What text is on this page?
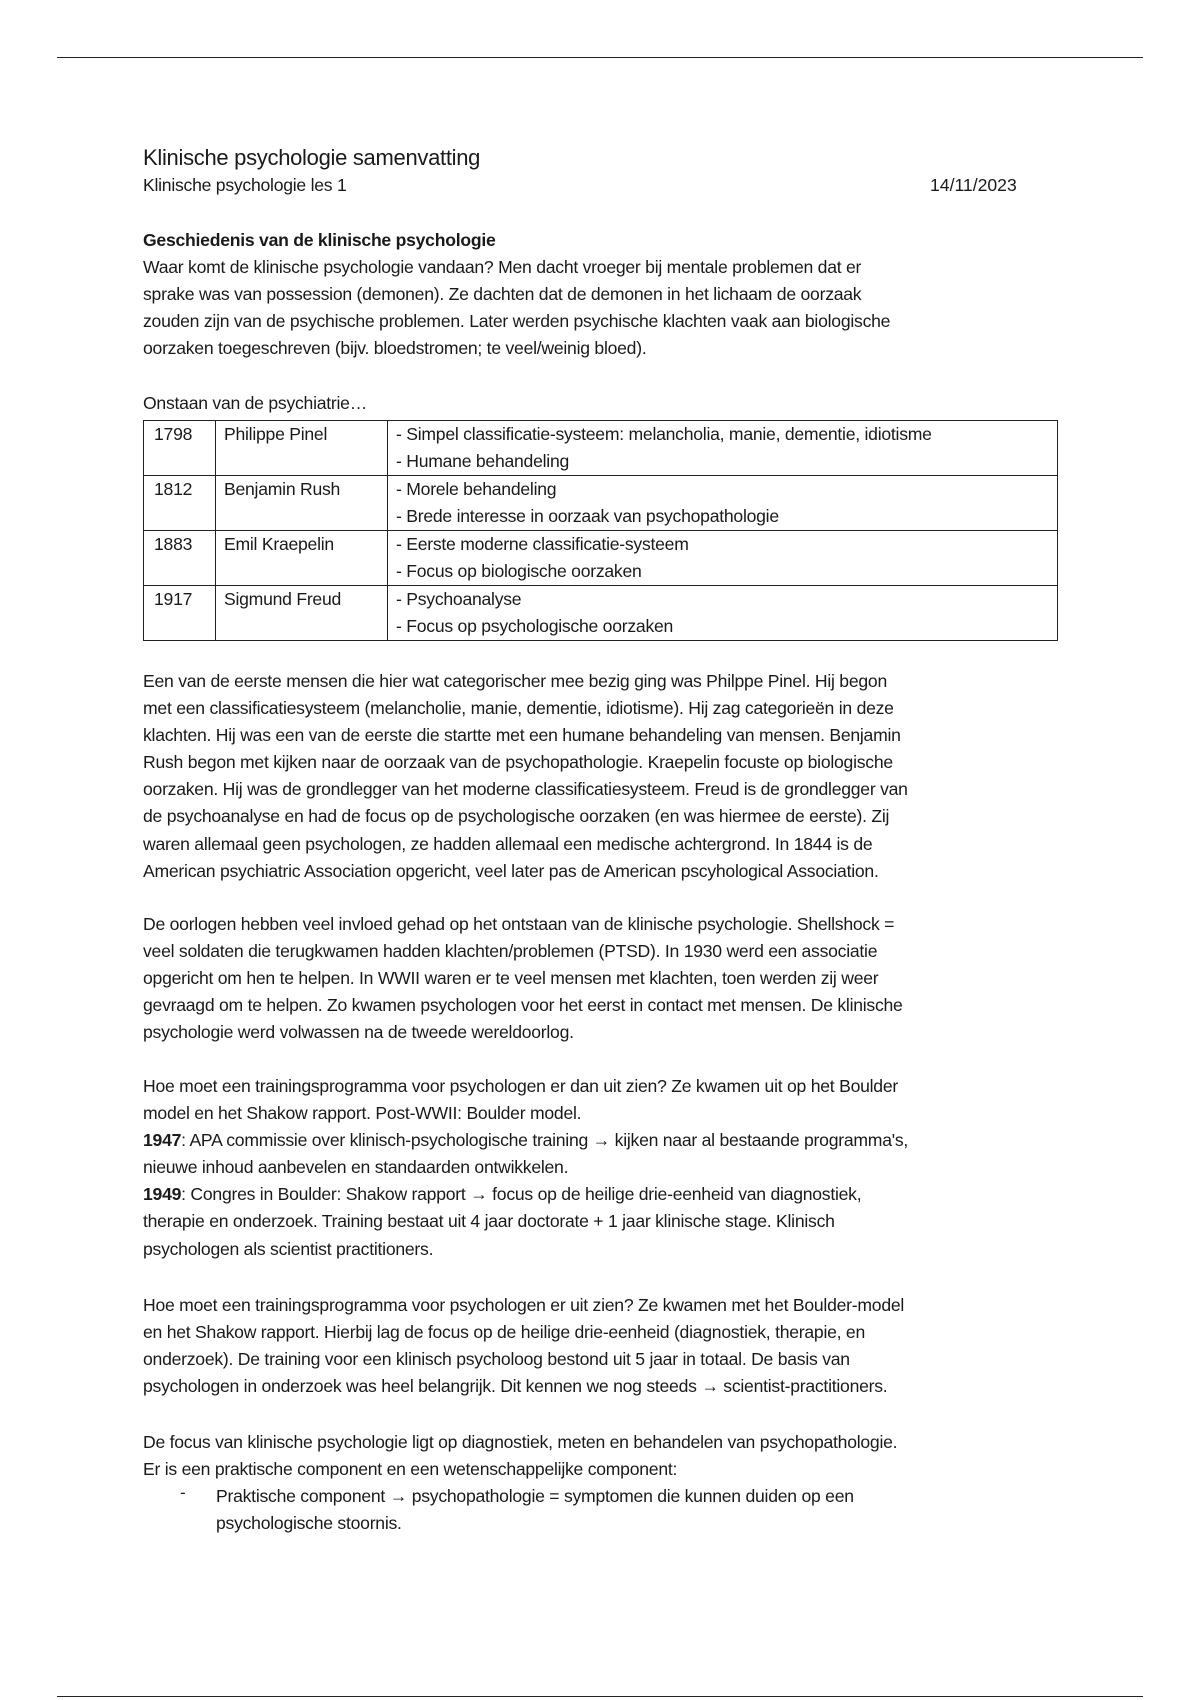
Klinische psychologie samenvatting
Klinische psychologie les 1	14/11/2023
Geschiedenis van de klinische psychologie
Waar komt de klinische psychologie vandaan? Men dacht vroeger bij mentale problemen dat er
sprake was van possession (demonen). Ze dachten dat de demonen in het lichaam de oorzaak
zouden zijn van de psychische problemen. Later werden psychische klachten vaak aan biologische
oorzaken toegeschreven (bijv. bloedstromen; te veel/weinig bloed).
Onstaan van de psychiatrie…
1798	Philippe Pinel	- Simpel classificatie-systeem: melancholia, manie, dementie, idiotisme
- Humane behandeling

1812	Benjamin Rush	- Morele behandeling
- Brede interesse in oorzaak van psychopathologie

1883	Emil Kraepelin	- Eerste moderne classificatie-systeem
- Focus op biologische oorzaken

1917	Sigmund Freud	- Psychoanalyse
- Focus op psychologische oorzaken
Een van de eerste mensen die hier wat categorischer mee bezig ging was Philppe Pinel. Hij begon
met een classificatiesysteem (melancholie, manie, dementie, idiotisme). Hij zag categorieën in deze
klachten. Hij was een van de eerste die startte met een humane behandeling van mensen. Benjamin
Rush begon met kijken naar de oorzaak van de psychopathologie. Kraepelin focuste op biologische
oorzaken. Hij was de grondlegger van het moderne classificatiesysteem. Freud is de grondlegger van
de psychoanalyse en had de focus op de psychologische oorzaken (en was hiermee de eerste). Zij
waren allemaal geen psychologen, ze hadden allemaal een medische achtergrond. In 1844 is de
American psychiatric Association opgericht, veel later pas de American pscyhological Association.
De oorlogen hebben veel invloed gehad op het ontstaan van de klinische psychologie. Shellshock =
veel soldaten die terugkwamen hadden klachten/problemen (PTSD). In 1930 werd een associatie
opgericht om hen te helpen. In WWII waren er te veel mensen met klachten, toen werden zij weer
gevraagd om te helpen. Zo kwamen psychologen voor het eerst in contact met mensen. De klinische
psychologie werd volwassen na de tweede wereldoorlog.
Hoe moet een trainingsprogramma voor psychologen er dan uit zien? Ze kwamen uit op het Boulder
model en het Shakow rapport. Post-WWII: Boulder model.
1947: APA commissie over klinisch-psychologische training → kijken naar al bestaande programma's,
nieuwe inhoud aanbevelen en standaarden ontwikkelen.
1949: Congres in Boulder: Shakow rapport → focus op de heilige drie-eenheid van diagnostiek,
therapie en onderzoek. Training bestaat uit 4 jaar doctorate + 1 jaar klinische stage. Klinisch
psychologen als scientist practitioners.
Hoe moet een trainingsprogramma voor psychologen er uit zien? Ze kwamen met het Boulder-model
en het Shakow rapport. Hierbij lag de focus op de heilige drie-eenheid (diagnostiek, therapie, en
onderzoek). De training voor een klinisch psycholoog bestond uit 5 jaar in totaal. De basis van
psychologen in onderzoek was heel belangrijk. Dit kennen we nog steeds → scientist-practitioners.
De focus van klinische psychologie ligt op diagnostiek, meten en behandelen van psychopathologie.
Er is een praktische component en een wetenschappelijke component:
- Praktische component → psychopathologie = symptomen die kunnen duiden op een
psychologische stoornis.
